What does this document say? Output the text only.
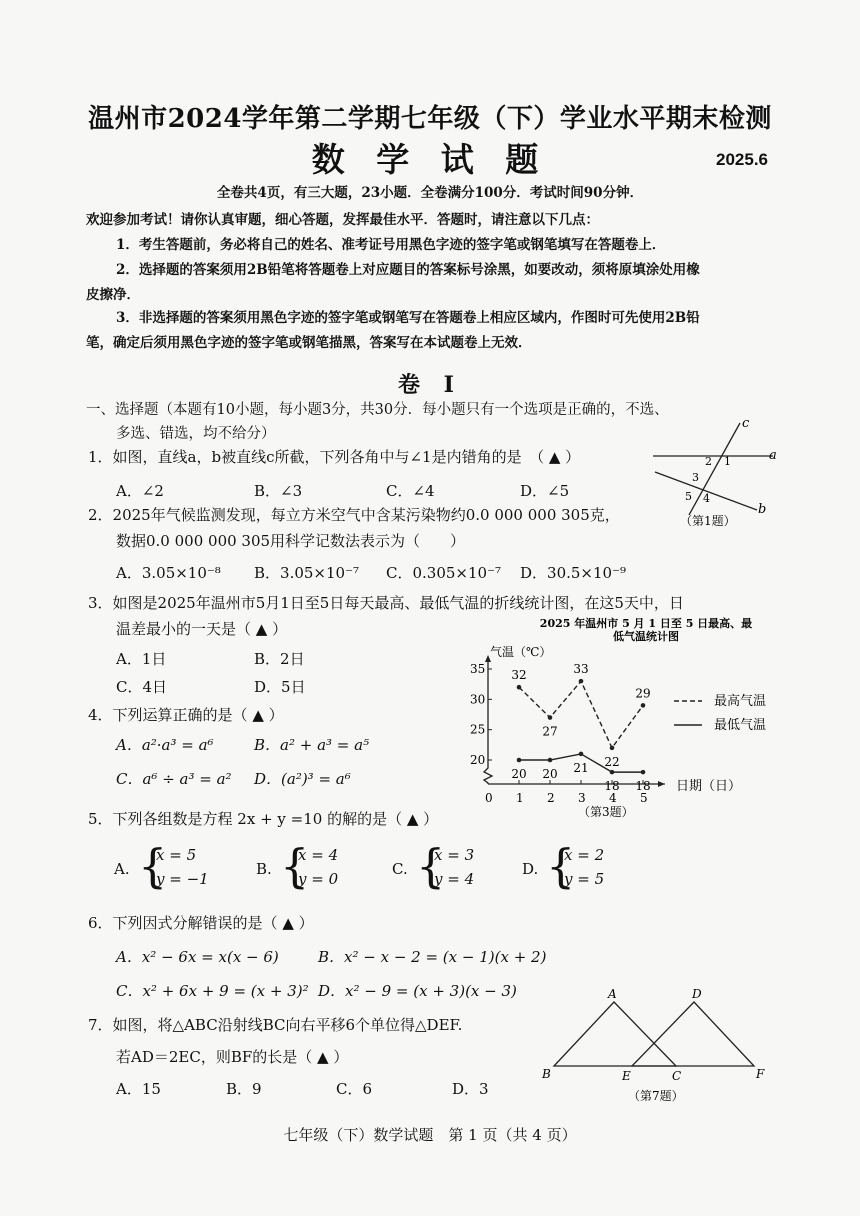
温州市2024学年第二学期七年级（下）学业水平期末检测
数 学 试 题	2025.6
全卷共4页，有三大题，23小题．全卷满分100分．考试时间90分钟．
欢迎参加考试！请你认真审题，细心答题，发挥最佳水平．答题时，请注意以下几点：
1．考生答题前，务必将自己的姓名、准考证号用黑色字迹的签字笔或钢笔填写在答题卷上．
2．选择题的答案须用2B铅笔将答题卷上对应题目的答案标号涂黑，如要改动，须将原填涂处用橡
皮擦净．
3．非选择题的答案须用黑色字迹的签字笔或钢笔写在答题卷上相应区域内，作图时可先使用2B铅
笔，确定后须用黑色字迹的签字笔或钢笔描黑，答案写在本试题卷上无效．
卷 Ⅰ
一、选择题（本题有10小题，每小题3分，共30分．每小题只有一个选项是正确的，不选、
多选、错选，均不给分）
1．如图，直线a，b被直线c所截，下列各角中与∠1是内错角的是　（ ▲ ）
A．∠2	B．∠3	C．∠4	D．∠5
c
a
b
2 1
3
5 4
（第1题）
2．2025年气候监测发现，每立方米空气中含某污染物约0.0 000 000 305克，
数据0.0 000 000 305用科学记数法表示为（　　）
A．3.05×10⁻⁸ B．3.05×10⁻⁷ C．0.305×10⁻⁷ D．30.5×10⁻⁹
3．如图是2025年温州市5月1日至5日每天最高、最低气温的折线统计图，在这5天中，日
温差最小的一天是（ ▲ ）
A．1日	B．2日
C．4日	D．5日
2025 年温州市 5 月 1 日至 5 日最高、最
低气温统计图
气温（℃）
20
25
30
35
0 1 2 3 4 5
32
27
33
22
29
20 20 21
18 18 日期（日）
最高气温
最低气温
（第3题）
4．下列运算正确的是（ ▲ ）
A．a²·a³ = a⁶	B．a² + a³ = a⁵
C．a⁶ ÷ a³ = a² D．(a²)³ = a⁶
5．下列各组数是方程 2x + y =10 的解的是（ ▲ ）
A. {
x = 5
y = −1
B. {
x = 4
y = 0
C. {
x = 3
y = 4
D. {
x = 2
y = 5
6．下列因式分解错误的是（ ▲ ）
A．x² − 6x = x(x − 6)	B．x² − x − 2 = (x − 1)(x + 2)
C．x² + 6x + 9 = (x + 3)² D．x² − 9 = (x + 3)(x − 3)
7．如图，将△ABC沿射线BC向右平移6个单位得△DEF.
若AD＝2EC，则BF的长是（ ▲ ）
A．15	B．9	C．6	D．3
A	D
B	E	C	F
（第7题）
七年级（下）数学试题　第 1 页（共 4 页）
